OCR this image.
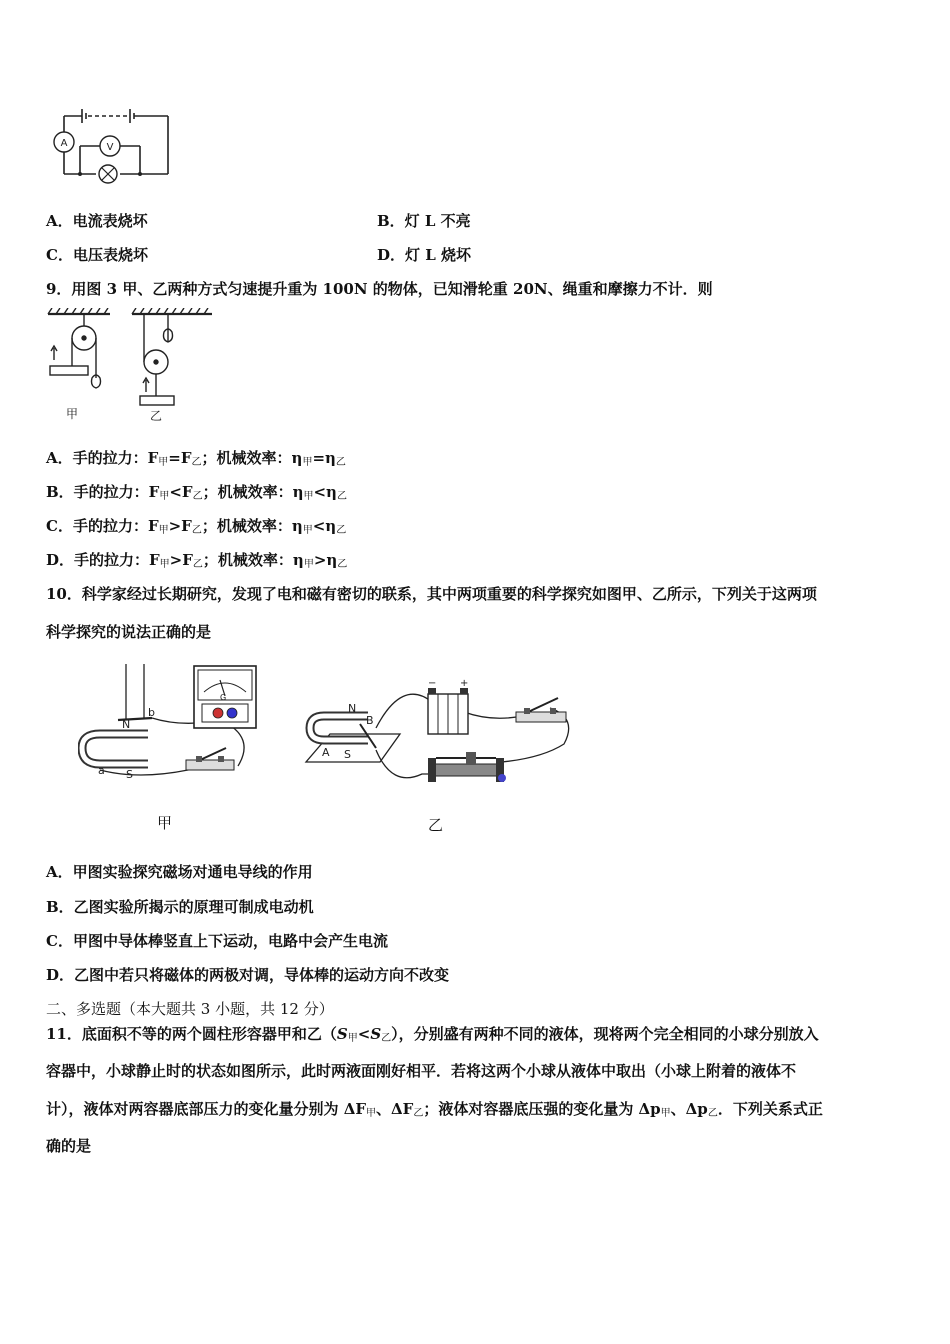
A	V
A．电流表烧坏	B．灯 L 不亮
C．电压表烧坏	D．灯 L 烧坏
9．用图 3 甲、乙两种方式匀速提升重为 100N 的物体，已知滑轮重 20N、绳重和摩擦力不计．则
甲	乙
A．手的拉力：$F_甲=F_乙$；机械效率：$\eta_甲=\eta_乙$
B．手的拉力：$F_甲<F_乙$；机械效率：$\eta_甲<\eta_乙$
C．手的拉力：$F_甲>F_乙$；机械效率：$\eta_甲<\eta_乙$
D．手的拉力：$F_甲>F_乙$；机械效率：$\eta_甲>\eta_乙$
10．科学家经过长期研究，发现了电和磁有密切的联系，其中两项重要的科学探究如图甲、乙所示，下列关于这两项
科学探究的说法正确的是
N
b
S
a
G
甲
N
B
A S
− +
乙
A．甲图实验探究磁场对通电导线的作用
B．乙图实验所揭示的原理可制成电动机
C．甲图中导体棒竖直上下运动，电路中会产生电流
D．乙图中若只将磁体的两极对调，导体棒的运动方向不改变
二、多选题（本大题共 3 小题，共 12 分）
11．底面积不等的两个圆柱形容器甲和乙$(S_甲<S_乙)$，分别盛有两种不同的液体，现将两个完全相同的小球分别放入
容器中，小球静止时的状态如图所示，此时两液面刚好相平．若将这两个小球从液体中取出（小球上附着的液体不
计），液体对两容器底部压力的变化量分别为 $\Delta F_甲$、$\Delta F_乙$；液体对容器底压强的变化量为 $\Delta p_甲$、$\Delta p_乙$．下列关系式正
确的是
